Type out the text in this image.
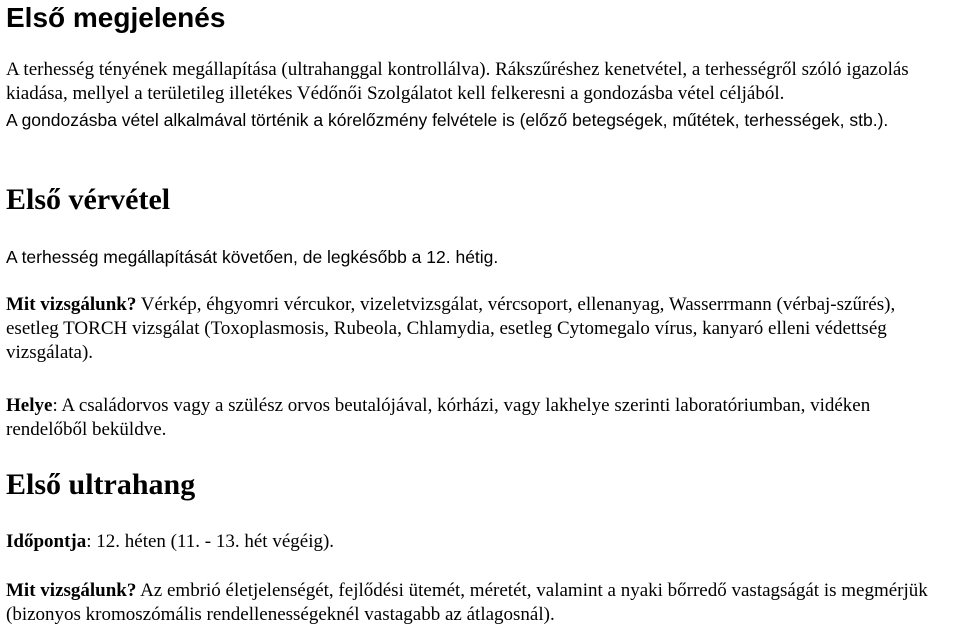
Első megjelenés

A terhesség tényének megállapítása (ultrahanggal kontrollálva). Rákszűréshez kenetvétel, a terhességről szóló igazolás kiadása, mellyel a területileg illetékes Védőnői Szolgálatot kell felkeresni a gondozásba vétel céljából.

A gondozásba vétel alkalmával történik a kórelőzmény felvétele is (előző betegségek, műtétek, terhességek, stb.).

Első vérvétel

A terhesség megállapítását követően, de legkésőbb a 12. hétig.

Mit vizsgálunk? Vérkép, éhgyomri vércukor, vizeletvizsgálat, vércsoport, ellenanyag, Wasserrmann (vérbaj-szűrés), esetleg TORCH vizsgálat (Toxoplasmosis, Rubeola, Chlamydia, esetleg Cytomegalo vírus, kanyaró elleni védettség vizsgálata).

Helye: A családorvos vagy a szülész orvos beutalójával, kórházi, vagy lakhelye szerinti laboratóriumban, vidéken rendelőből beküldve.

Első ultrahang

Időpontja: 12. héten (11. - 13. hét végéig).

Mit vizsgálunk? Az embrió életjelenségét, fejlődési ütemét, méretét, valamint a nyaki bőrredő vastagságát is megmérjük (bizonyos kromoszómális rendellenességeknél vastagabb az átlagosnál).
